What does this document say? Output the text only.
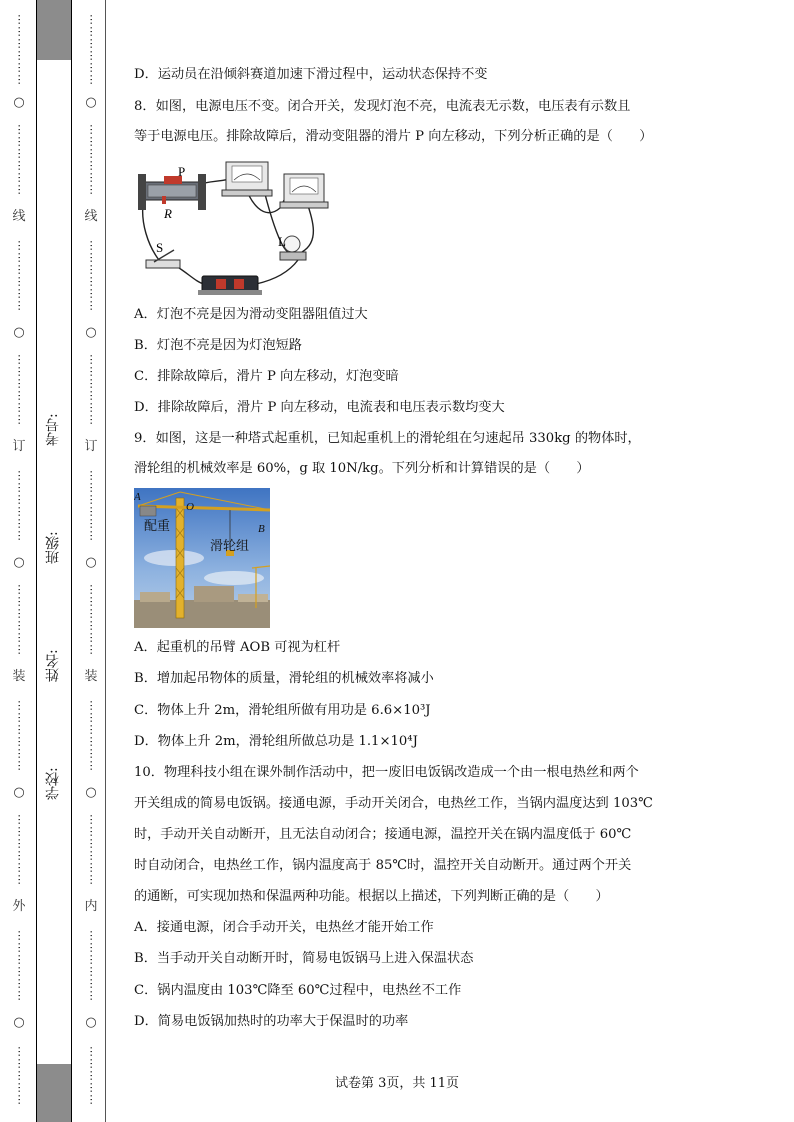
⋯⋯⋯⋯⋯⋯
○
⋯⋯⋯⋯⋯⋯
线
⋯⋯⋯⋯⋯⋯
○
⋯⋯⋯⋯⋯⋯
订
⋯⋯⋯⋯⋯⋯
○
⋯⋯⋯⋯⋯⋯
装
⋯⋯⋯⋯⋯⋯
○
⋯⋯⋯⋯⋯⋯
外
⋯⋯⋯⋯⋯⋯
○
⋯⋯⋯⋯⋯
考号:
班级:
姓名:
学校:
⋯⋯⋯⋯⋯⋯
○
⋯⋯⋯⋯⋯⋯
线
⋯⋯⋯⋯⋯⋯
○
⋯⋯⋯⋯⋯⋯
订
⋯⋯⋯⋯⋯⋯
○
⋯⋯⋯⋯⋯⋯
装
⋯⋯⋯⋯⋯⋯
○
⋯⋯⋯⋯⋯⋯
内
⋯⋯⋯⋯⋯⋯
○
⋯⋯⋯⋯⋯
D．运动员在沿倾斜赛道加速下滑过程中，运动状态保持不变
8．如图，电源电压不变。闭合开关，发现灯泡不亮，电流表无示数，电压表有示数且
等于电源电压。排除故障后，滑动变阻器的滑片 P 向左移动，下列分析正确的是（　　）
P
R
L
S
A．灯泡不亮是因为滑动变阻器阻值过大
B．灯泡不亮是因为灯泡短路
C．排除故障后，滑片 P 向左移动，灯泡变暗
D．排除故障后，滑片 P 向左移动，电流表和电压表示数均变大
9．如图，这是一种塔式起重机，已知起重机上的滑轮组在匀速起吊 330kg 的物体时，
滑轮组的机械效率是 60%，g 取 10N/kg。下列分析和计算错误的是（　　）
A
O
B
配重
滑轮组
A．起重机的吊臂 AOB 可视为杠杆
B．增加起吊物体的质量，滑轮组的机械效率将减小
C．物体上升 2m，滑轮组所做有用功是 6.6×10³J
D．物体上升 2m，滑轮组所做总功是 1.1×10⁴J
10．物理科技小组在课外制作活动中，把一废旧电饭锅改造成一个由一根电热丝和两个
开关组成的简易电饭锅。接通电源，手动开关闭合，电热丝工作，当锅内温度达到 103℃
时，手动开关自动断开，且无法自动闭合；接通电源，温控开关在锅内温度低于 60℃
时自动闭合，电热丝工作，锅内温度高于 85℃时，温控开关自动断开。通过两个开关
的通断，可实现加热和保温两种功能。根据以上描述，下列判断正确的是（　　）
A．接通电源，闭合手动开关，电热丝才能开始工作
B．当手动开关自动断开时，简易电饭锅马上进入保温状态
C．锅内温度由 103℃降至 60℃过程中，电热丝不工作
D．简易电饭锅加热时的功率大于保温时的功率
试卷第 3页，共 11页
